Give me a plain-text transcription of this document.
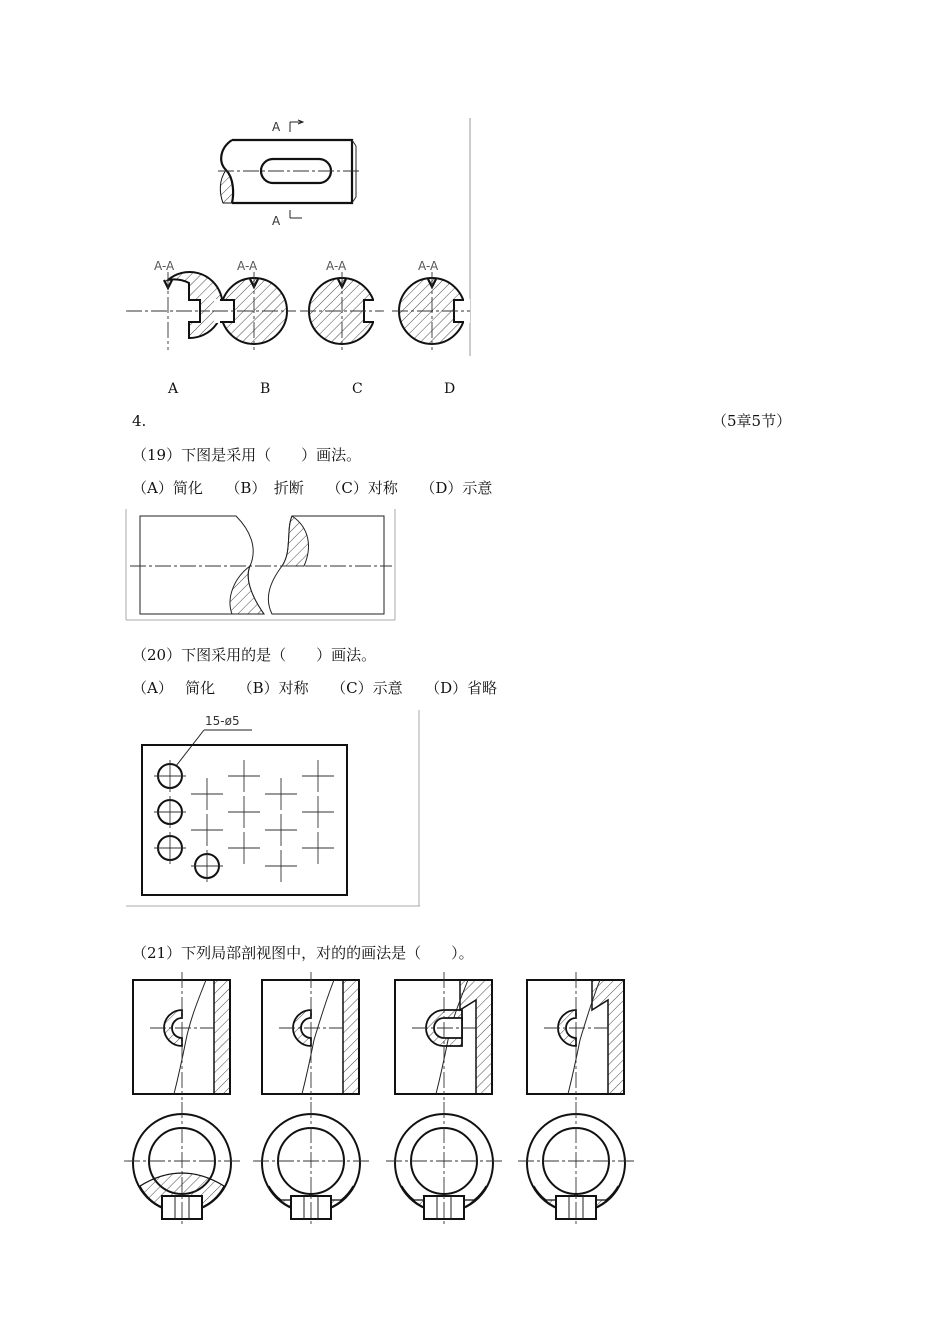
A
A
A-A	A-A	A-A	A-A
A	B	C	D
4.	（5章5节）
（19）下图是采用（　　）画法。
（A）简化　　（B）　折断　　（C）对称　　（D）示意
（20）下图采用的是（　　）画法。
（A）　 简化　　（B）对称　　（C）示意　　（D）省略
15-ø5
（21）下列局部剖视图中，对的的画法是（　　）。
